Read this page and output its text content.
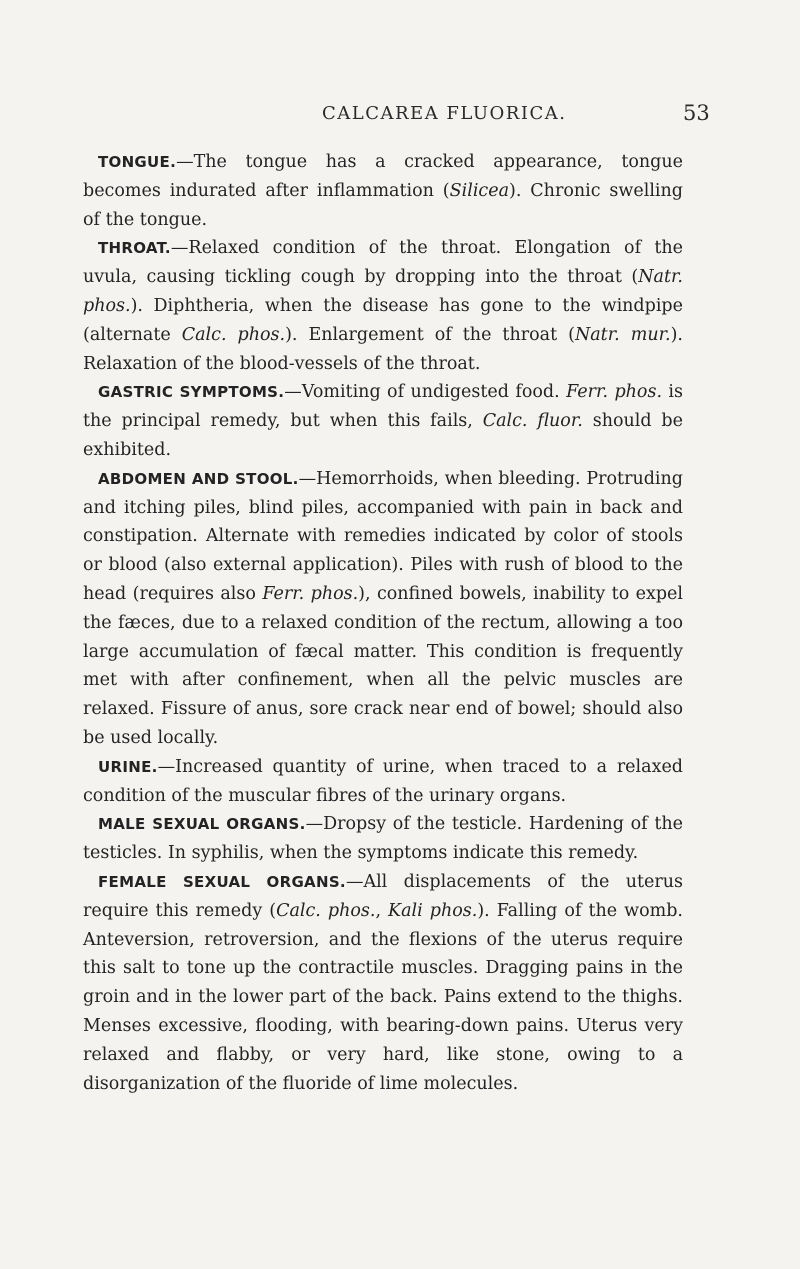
CALCAREA FLUORICA.	53

TONGUE.—The tongue has a cracked appearance, tongue becomes indurated after inflammation (Silicea). Chronic swelling of the tongue.

THROAT.—Relaxed condition of the throat. Elongation of the uvula, causing tickling cough by dropping into the throat (Natr. phos.). Diphtheria, when the disease has gone to the windpipe (alternate Calc. phos.). Enlargement of the throat (Natr. mur.). Relaxation of the blood-vessels of the throat.

GASTRIC SYMPTOMS.—Vomiting of undigested food. Ferr. phos. is the principal remedy, but when this fails, Calc. fluor. should be exhibited.

ABDOMEN AND STOOL.—Hemorrhoids, when bleeding. Protruding and itching piles, blind piles, accompanied with pain in back and constipation. Alternate with remedies indicated by color of stools or blood (also external application). Piles with rush of blood to the head (requires also Ferr. phos.), confined bowels, inability to expel the fæces, due to a relaxed condition of the rectum, allowing a too large accumulation of fæcal matter. This condition is frequently met with after confinement, when all the pelvic muscles are relaxed. Fissure of anus, sore crack near end of bowel; should also be used locally.

URINE.—Increased quantity of urine, when traced to a relaxed condition of the muscular fibres of the urinary organs.

MALE SEXUAL ORGANS.—Dropsy of the testicle. Hardening of the testicles. In syphilis, when the symptoms indicate this remedy.

FEMALE SEXUAL ORGANS.—All displacements of the uterus require this remedy (Calc. phos., Kali phos.). Falling of the womb. Anteversion, retroversion, and the flexions of the uterus require this salt to tone up the contractile muscles. Dragging pains in the groin and in the lower part of the back. Pains extend to the thighs. Menses excessive, flooding, with bearing-down pains. Uterus very relaxed and flabby, or very hard, like stone, owing to a disorganization of the fluoride of lime molecules.
